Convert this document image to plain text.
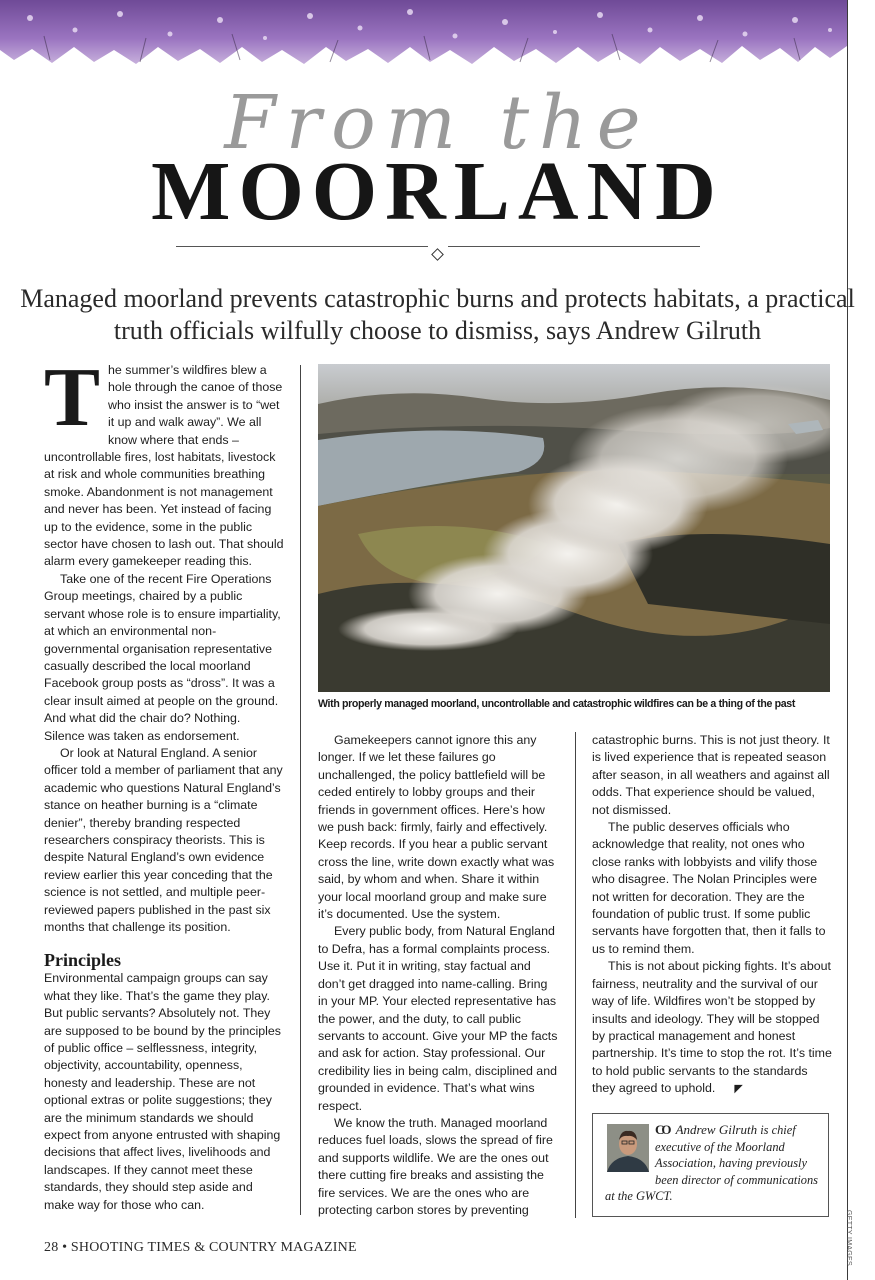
From the
MOORLAND
Managed moorland prevents catastrophic burns and protects habitats, a practical truth officials wilfully choose to dismiss, says Andrew Gilruth

The summer’s wildfires blew a hole through the canoe of those who insist the answer is to “wet it up and walk away”. We all know where that ends – uncontrollable fires, lost habitats, livestock at risk and whole communities breathing smoke. Abandonment is not management and never has been. Yet instead of facing up to the evidence, some in the public sector have chosen to lash out. That should alarm every gamekeeper reading this.

Take one of the recent Fire Operations Group meetings, chaired by a public servant whose role is to ensure impartiality, at which an environmental non-governmental organisation representative casually described the local moorland Facebook group posts as “dross”. It was a clear insult aimed at people on the ground. And what did the chair do? Nothing. Silence was taken as endorsement.

Or look at Natural England. A senior officer told a member of parliament that any academic who questions Natural England’s stance on heather burning is a “climate denier”, thereby branding respected researchers conspiracy theorists. This is despite Natural England’s own evidence review earlier this year conceding that the science is not settled, and multiple peer-reviewed papers published in the past six months that challenge its position.

Principles

Environmental campaign groups can say what they like. That’s the game they play. But public servants? Absolutely not. They are supposed to be bound by the principles of public office – selflessness, integrity, objectivity, accountability, openness, honesty and leadership. These are not optional extras or polite suggestions; they are the minimum standards we should expect from anyone entrusted with shaping decisions that affect lives, livelihoods and landscapes. If they cannot meet these standards, they should step aside and make way for those who can.

With properly managed moorland, uncontrollable and catastrophic wildfires can be a thing of the past

Gamekeepers cannot ignore this any longer. If we let these failures go unchallenged, the policy battlefield will be ceded entirely to lobby groups and their friends in government offices. Here’s how we push back: firmly, fairly and effectively. Keep records. If you hear a public servant cross the line, write down exactly what was said, by whom and when. Share it within your local moorland group and make sure it’s documented. Use the system.

Every public body, from Natural England to Defra, has a formal complaints process. Use it. Put it in writing, stay factual and don’t get dragged into name-calling. Bring in your MP. Your elected representative has the power, and the duty, to call public servants to account. Give your MP the facts and ask for action. Stay professional. Our credibility lies in being calm, disciplined and grounded in evidence. That’s what wins respect.

We know the truth. Managed moorland reduces fuel loads, slows the spread of fire and supports wildlife. We are the ones out there cutting fire breaks and assisting the fire services. We are the ones who are protecting carbon stores by preventing

catastrophic burns. This is not just theory. It is lived experience that is repeated season after season, in all weathers and against all odds. That experience should be valued, not dismissed.

The public deserves officials who acknowledge that reality, not ones who close ranks with lobbyists and vilify those who disagree. The Nolan Principles were not written for decoration. They are the foundation of public trust. If some public servants have forgotten that, then it falls to us to remind them.

This is not about picking fights. It’s about fairness, neutrality and the survival of our way of life. Wildfires won’t be stopped by insults and ideology. They will be stopped by practical management and honest partnership. It’s time to stop the rot. It’s time to hold public servants to the standards they agreed to uphold. ◤

CO Andrew Gilruth is chief executive of the Moorland Association, having previously been director of communications at the GWCT.
28 • SHOOTING TIMES & COUNTRY MAGAZINE	GETTY IMAGES
